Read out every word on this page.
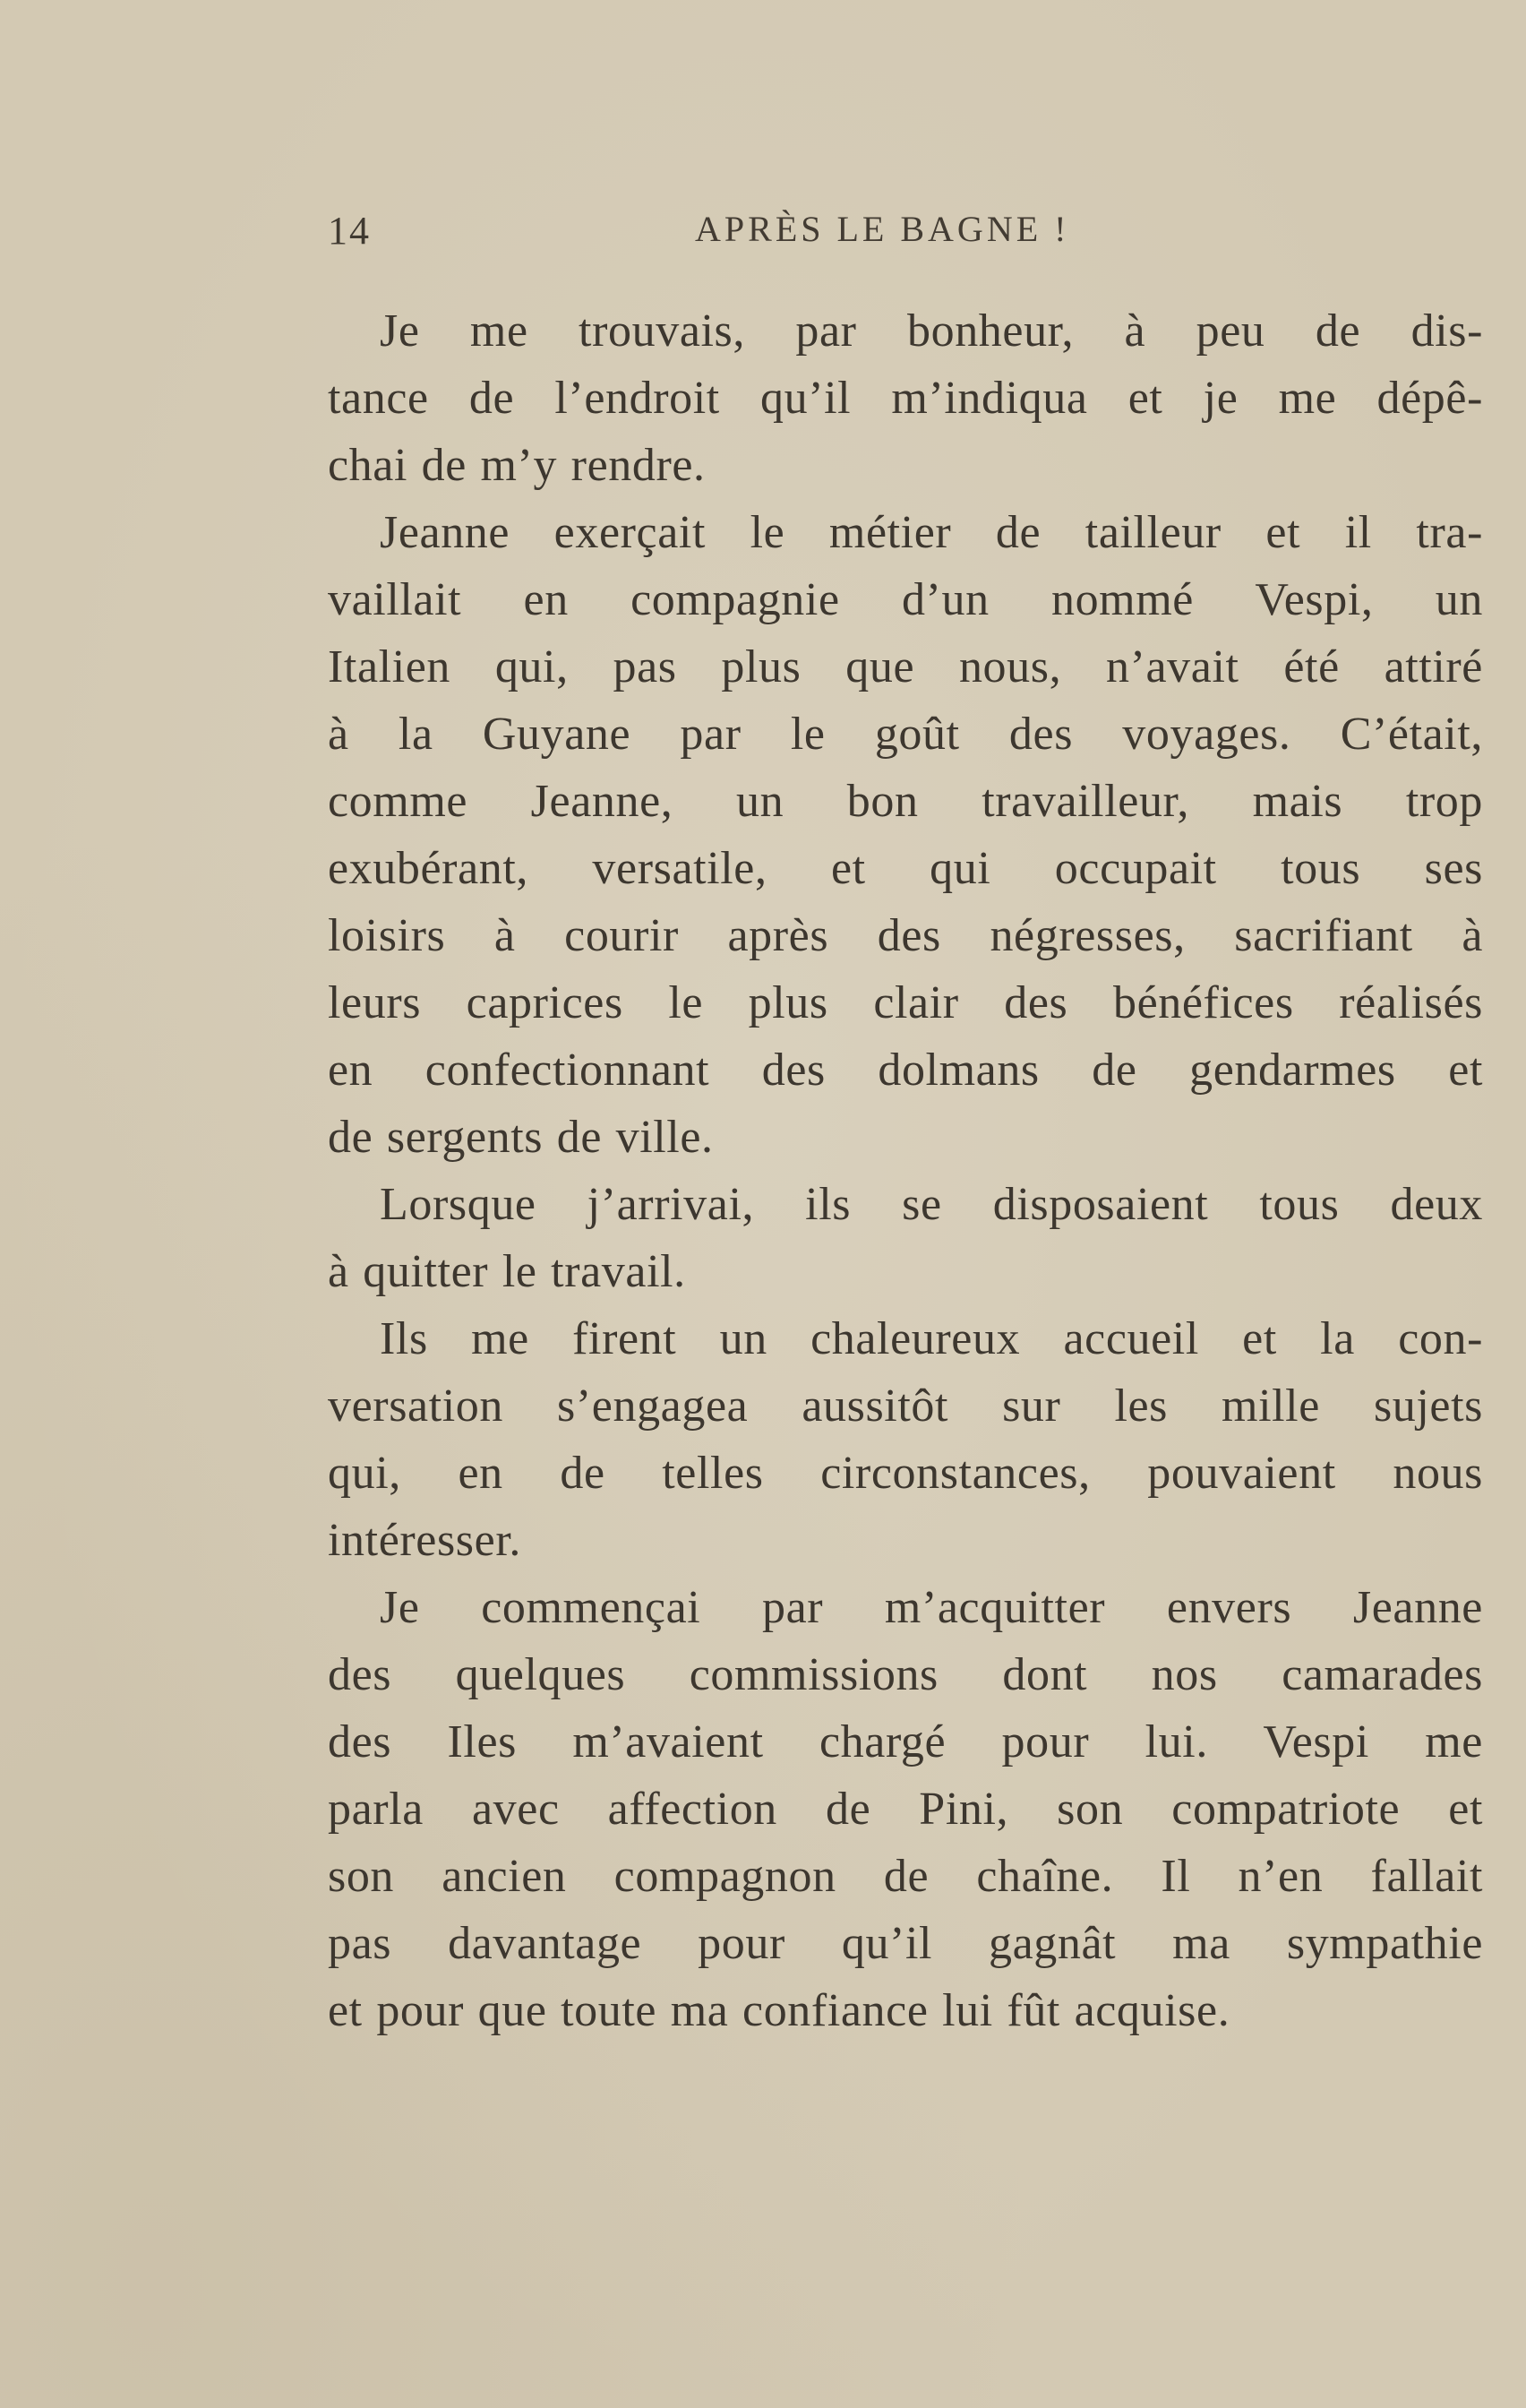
14	APRÈS LE BAGNE !
Je me trouvais, par bonheur, à peu de dis-
tance de l’endroit qu’il m’indiqua et je me dépê-
chai de m’y rendre.
Jeanne exerçait le métier de tailleur et il tra-
vaillait en compagnie d’un nommé Vespi, un
Italien qui, pas plus que nous, n’avait été attiré
à la Guyane par le goût des voyages. C’était,
comme Jeanne, un bon travailleur, mais trop
exubérant, versatile, et qui occupait tous ses
loisirs à courir après des négresses, sacrifiant à
leurs caprices le plus clair des bénéfices réalisés
en confectionnant des dolmans de gendarmes et
de sergents de ville.
Lorsque j’arrivai, ils se disposaient tous deux
à quitter le travail.
Ils me firent un chaleureux accueil et la con-
versation s’engagea aussitôt sur les mille sujets
qui, en de telles circonstances, pouvaient nous
intéresser.
Je commençai par m’acquitter envers Jeanne
des quelques commissions dont nos camarades
des Iles m’avaient chargé pour lui. Vespi me
parla avec affection de Pini, son compatriote et
son ancien compagnon de chaîne. Il n’en fallait
pas davantage pour qu’il gagnât ma sympathie
et pour que toute ma confiance lui fût acquise.
